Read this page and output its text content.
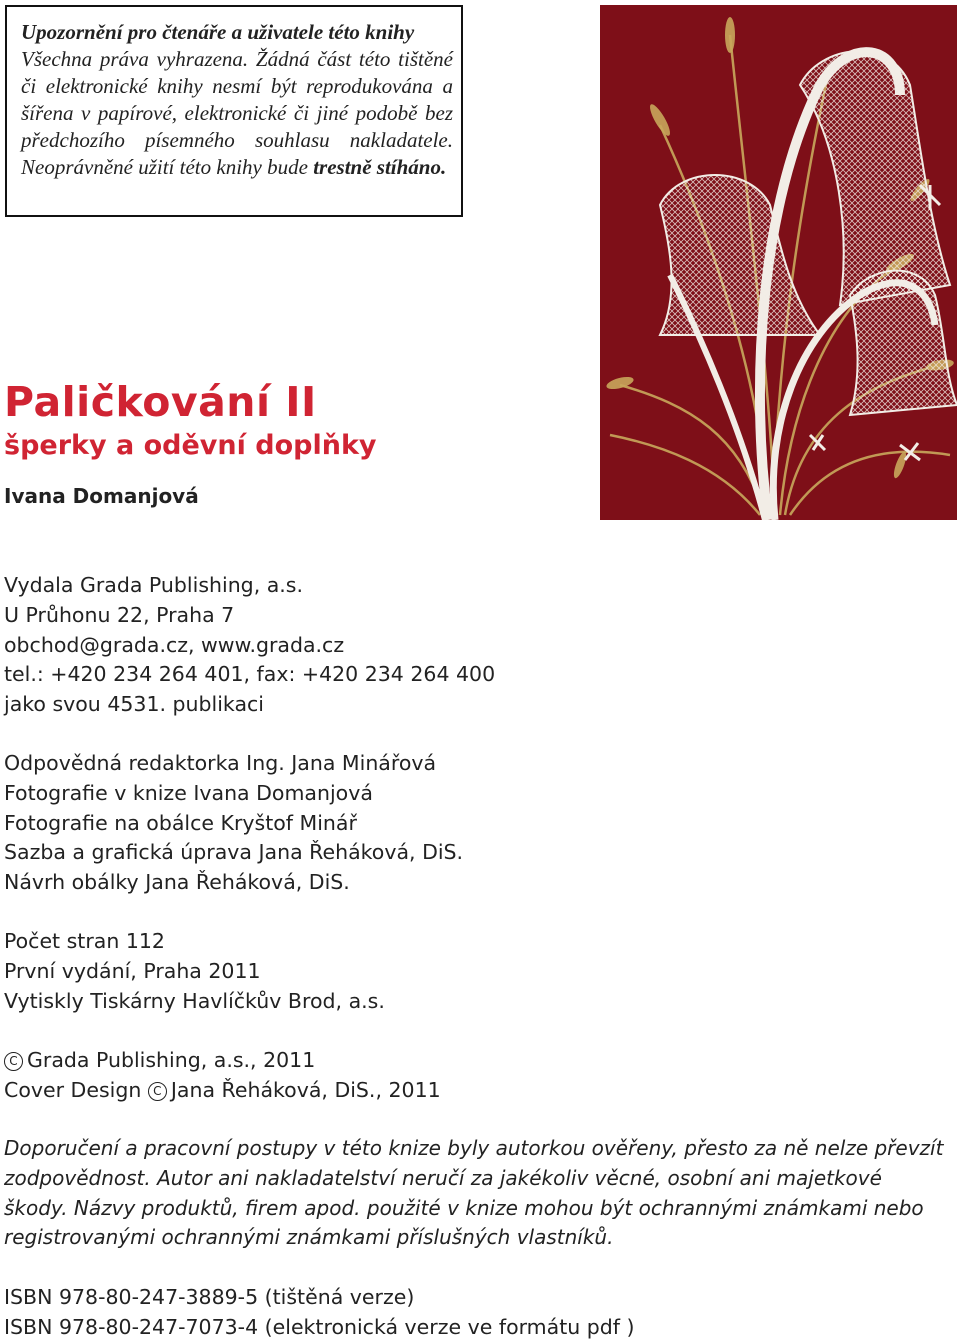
Upozornění pro čtenáře a uživatele této knihy
Všechna práva vyhrazena. Žádná část této tištěné či elektronické knihy nesmí být reprodukována a šířena v papírové, elektronické či jiné podobě bez předchozího písemného souhlasu nakladatele. Neoprávněné užití této knihy bude trestně stíháno.
Paličkování II
šperky a oděvní doplňky

Ivana Domanjová

Vydala Grada Publishing, a.s.
U Průhonu 22, Praha 7
obchod@grada.cz, www.grada.cz
tel.: +420 234 264 401, fax: +420 234 264 400
jako svou 4531. publikaci
Odpovědná redaktorka Ing. Jana Minářová
Fotografie v knize Ivana Domanjová
Fotografie na obálce Kryštof Minář
Sazba a grafická úprava Jana Řeháková, DiS.
Návrh obálky Jana Řeháková, DiS.
Počet stran 112
První vydání, Praha 2011
Vytiskly Tiskárny Havlíčkův Brod, a.s.
C Grada Publishing, a.s., 2011
Cover Design C Jana Řeháková, DiS., 2011

Doporučení a pracovní postupy v této knize byly autorkou ověřeny, přesto za ně nelze převzít zodpovědnost. Autor ani nakladatelství neručí za jakékoliv věcné, osobní ani majetkové škody. Názvy produktů, firem apod. použité v knize mohou být ochrannými známkami nebo registrovanými ochrannými známkami příslušných vlastníků.

ISBN 978-80-247-3889-5 (tištěná verze)
ISBN 978-80-247-7073-4 (elektronická verze ve formátu pdf )
